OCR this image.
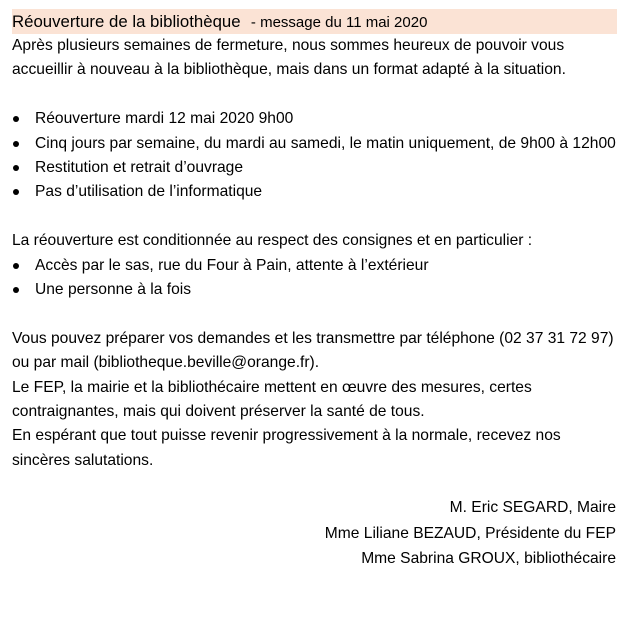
Réouverture de la bibliothèque - message du 11 mai 2020

Après plusieurs semaines de fermeture, nous sommes heureux de pouvoir vous accueillir à nouveau à la bibliothèque, mais dans un format adapté à la situation.

Réouverture mardi 12 mai 2020 9h00
Cinq jours par semaine, du mardi au samedi, le matin uniquement, de 9h00 à 12h00
Restitution et retrait d’ouvrage
Pas d’utilisation de l’informatique

La réouverture est conditionnée au respect des consignes et en particulier :

Accès par le sas, rue du Four à Pain, attente à l’extérieur
Une personne à la fois

Vous pouvez préparer vos demandes et les transmettre par téléphone (02 37 31 72 97) ou par mail (bibliotheque.beville@orange.fr).

Le FEP, la mairie et la bibliothécaire mettent en œuvre des mesures, certes contraignantes, mais qui doivent préserver la santé de tous.

En espérant que tout puisse revenir progressivement à la normale, recevez nos sincères salutations.

M. Eric SEGARD, Maire
Mme Liliane BEZAUD, Présidente du FEP
Mme Sabrina GROUX, bibliothécaire
